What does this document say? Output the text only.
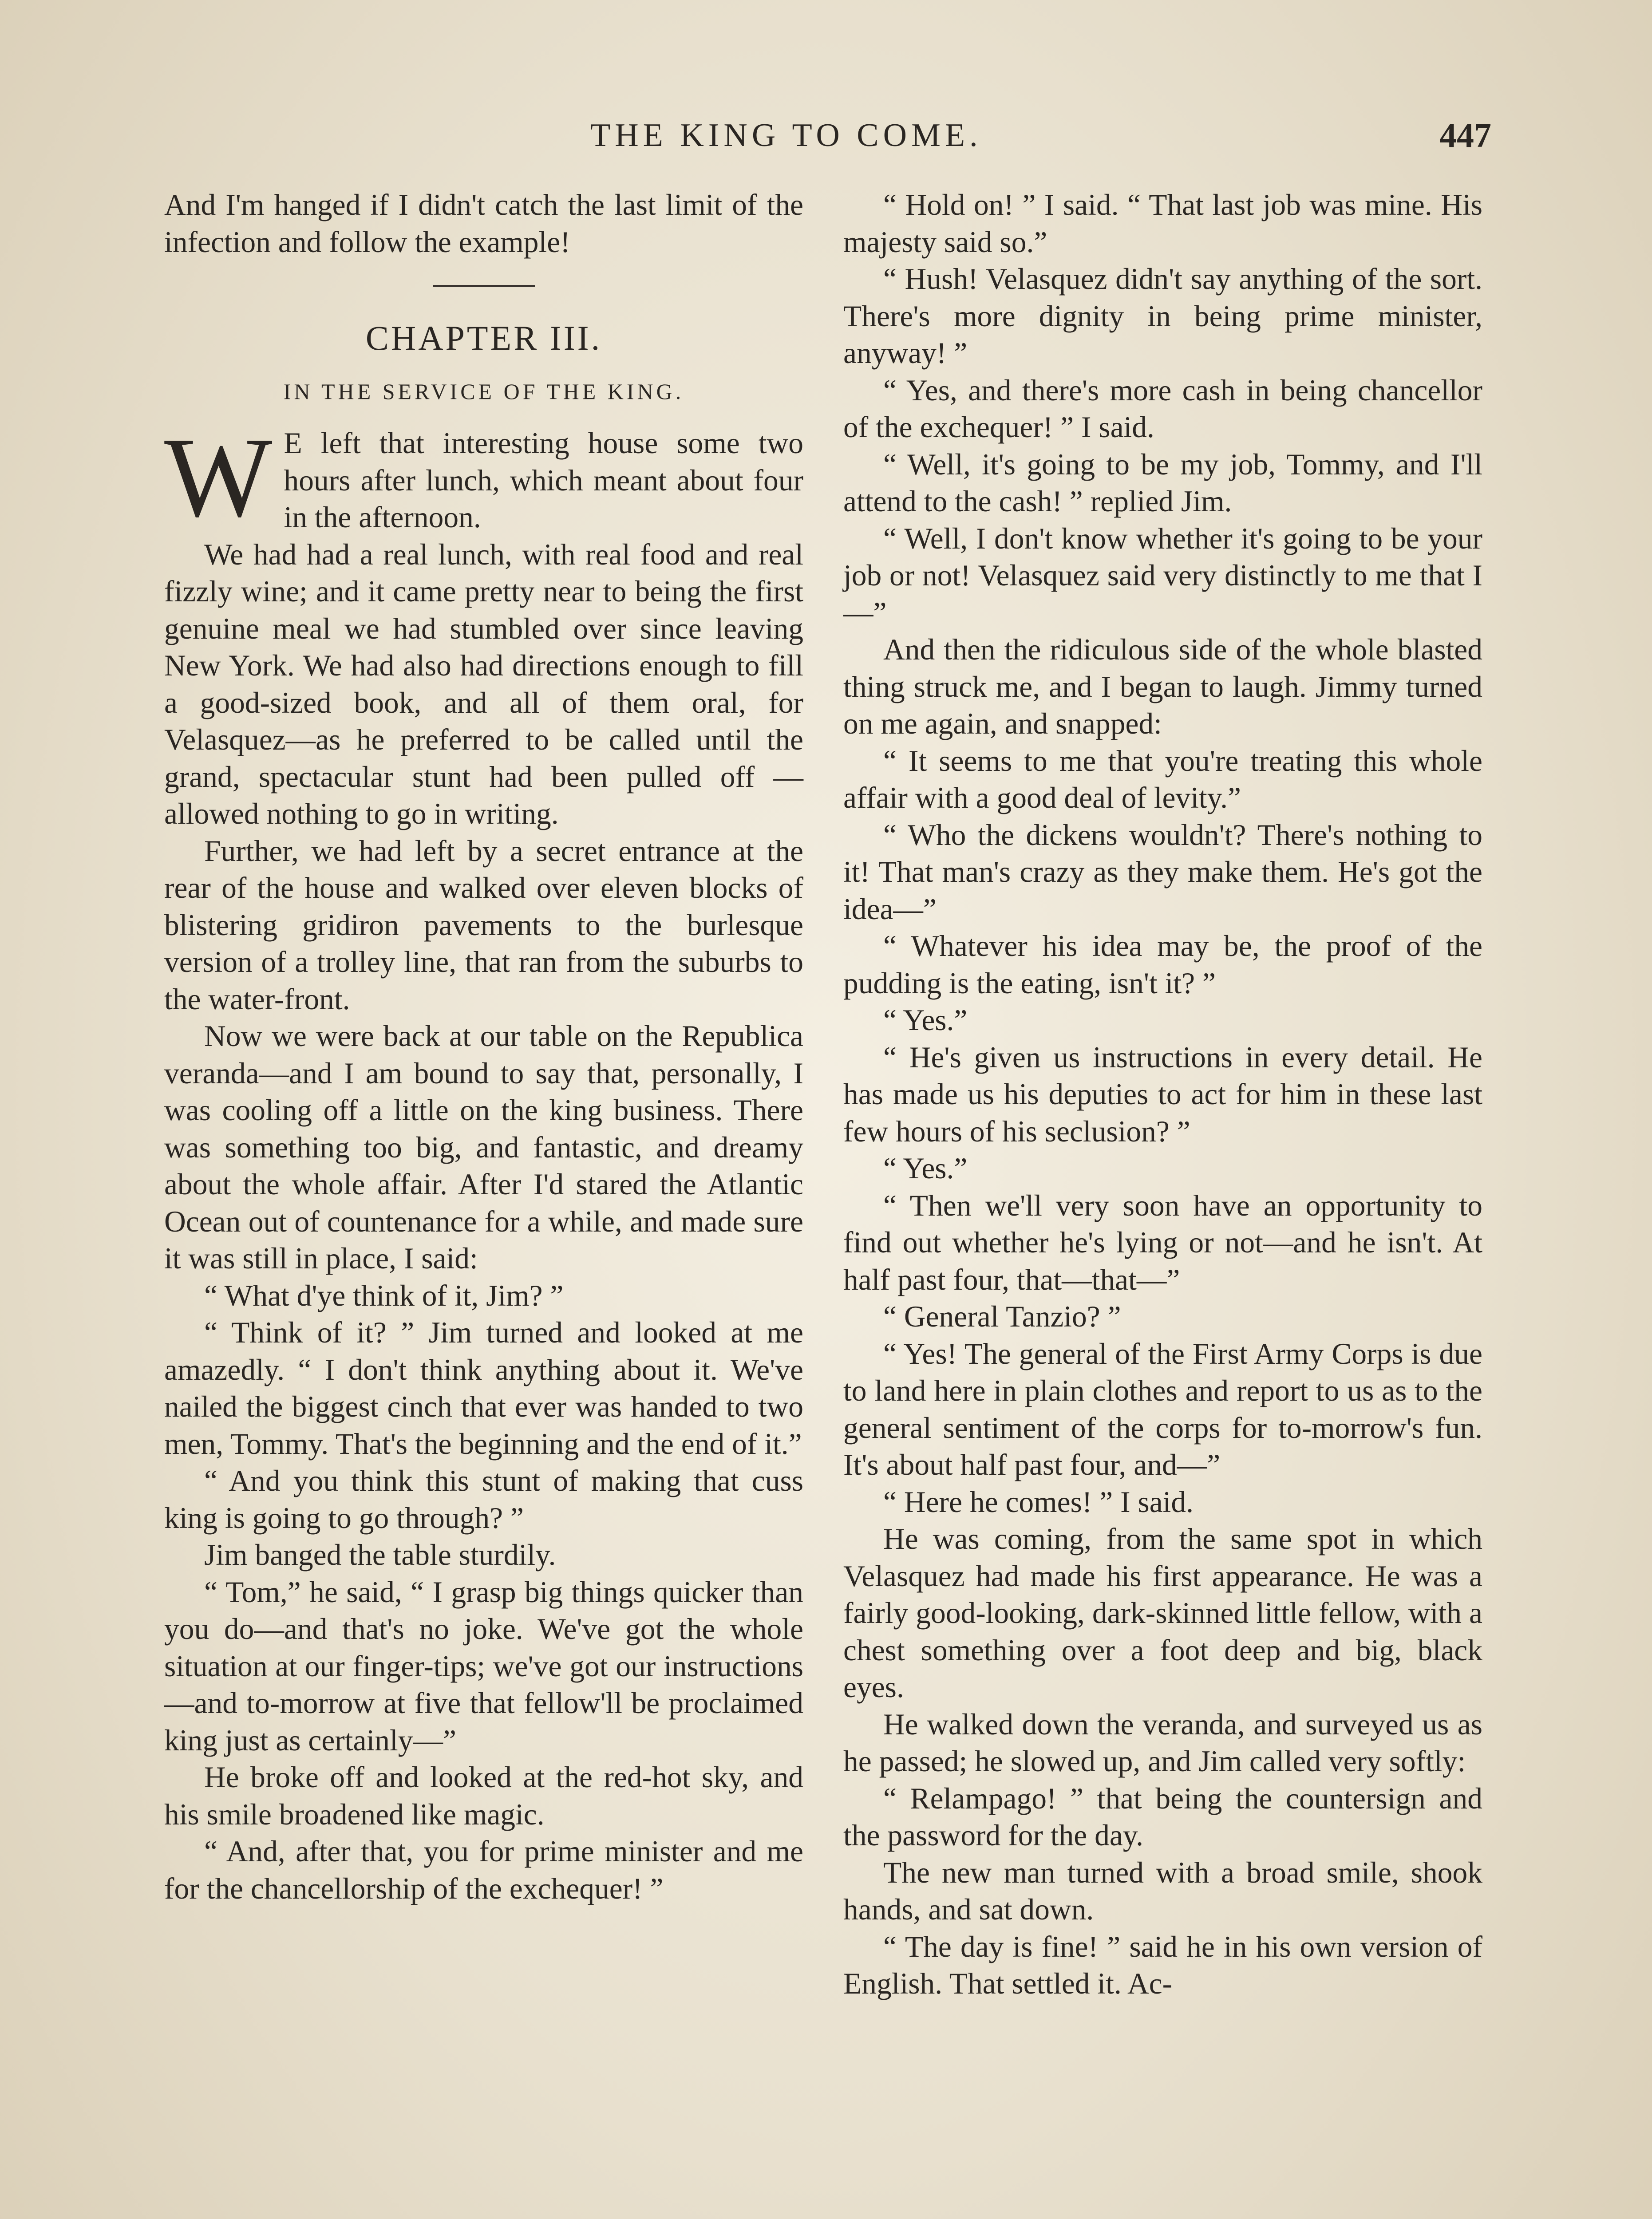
THE KING TO COME.	447

And I'm hanged if I didn't catch the last limit of the infection and follow the example!

CHAPTER III.
IN THE SERVICE OF THE KING.
W E left that interesting house some two hours after lunch, which meant about four in the afternoon.

We had had a real lunch, with real food and real fizzly wine; and it came pretty near to being the first genuine meal we had stumbled over since leaving New York. We had also had directions enough to fill a good-sized book, and all of them oral, for Velasquez—as he preferred to be called until the grand, spectacular stunt had been pulled off — allowed nothing to go in writing.

Further, we had left by a secret entrance at the rear of the house and walked over eleven blocks of blistering gridiron pavements to the burlesque version of a trolley line, that ran from the suburbs to the water-front.

Now we were back at our table on the Republica veranda—and I am bound to say that, personally, I was cooling off a little on the king business. There was something too big, and fantastic, and dreamy about the whole affair. After I'd stared the Atlantic Ocean out of countenance for a while, and made sure it was still in place, I said:

“ What d'ye think of it, Jim? ”

“ Think of it? ” Jim turned and looked at me amazedly. “ I don't think anything about it. We've nailed the biggest cinch that ever was handed to two men, Tommy. That's the beginning and the end of it.”

“ And you think this stunt of making that cuss king is going to go through? ”

Jim banged the table sturdily.

“ Tom,” he said, “ I grasp big things quicker than you do—and that's no joke. We've got the whole situation at our finger-tips; we've got our instructions—and to-morrow at five that fellow'll be proclaimed king just as certainly—”

He broke off and looked at the red-hot sky, and his smile broadened like magic.

“ And, after that, you for prime minister and me for the chancellorship of the exchequer! ”

“ Hold on! ” I said. “ That last job was mine. His majesty said so.”

“ Hush! Velasquez didn't say anything of the sort. There's more dignity in being prime minister, anyway! ”

“ Yes, and there's more cash in being chancellor of the exchequer! ” I said.

“ Well, it's going to be my job, Tommy, and I'll attend to the cash! ” replied Jim.

“ Well, I don't know whether it's going to be your job or not! Velasquez said very distinctly to me that I—”

And then the ridiculous side of the whole blasted thing struck me, and I began to laugh. Jimmy turned on me again, and snapped:

“ It seems to me that you're treating this whole affair with a good deal of levity.”

“ Who the dickens wouldn't? There's nothing to it! That man's crazy as they make them. He's got the idea—”

“ Whatever his idea may be, the proof of the pudding is the eating, isn't it? ”

“ Yes.”

“ He's given us instructions in every detail. He has made us his deputies to act for him in these last few hours of his seclusion? ”

“ Yes.”

“ Then we'll very soon have an opportunity to find out whether he's lying or not—and he isn't. At half past four, that—that—”

“ General Tanzio? ”

“ Yes! The general of the First Army Corps is due to land here in plain clothes and report to us as to the general sentiment of the corps for to-morrow's fun. It's about half past four, and—”

“ Here he comes! ” I said.

He was coming, from the same spot in which Velasquez had made his first appearance. He was a fairly good-looking, dark-skinned little fellow, with a chest something over a foot deep and big, black eyes.

He walked down the veranda, and surveyed us as he passed; he slowed up, and Jim called very softly:

“ Relampago! ” that being the countersign and the password for the day.

The new man turned with a broad smile, shook hands, and sat down.

“ The day is fine! ” said he in his own version of English. That settled it. Ac-
